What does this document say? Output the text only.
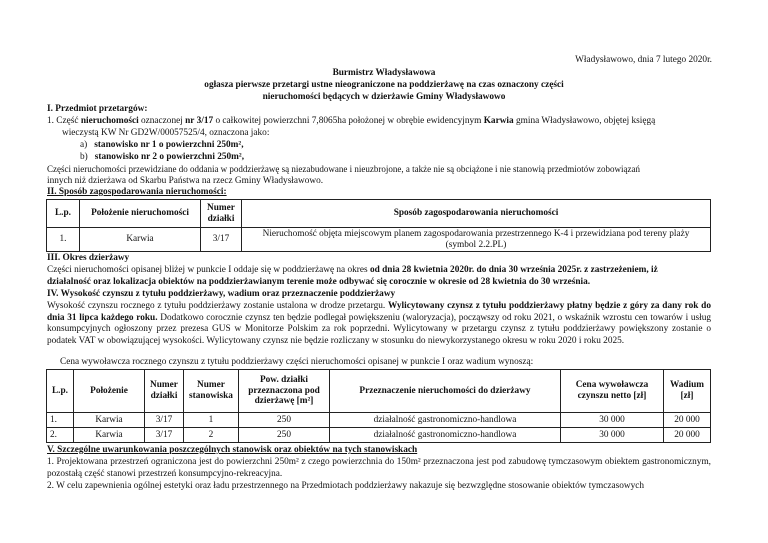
Władysławowo, dnia 7 lutego 2020r.
Burmistrz Władysławowa
ogłasza pierwsze przetargi ustne nieograniczone na poddzierżawę na czas oznaczony części
nieruchomości będących w dzierżawie Gminy Władysławowo
I. Przedmiot przetargów:
1. Część nieruchomości oznaczonej nr 3/17 o całkowitej powierzchni 7,8065ha położonej w obrębie ewidencyjnym Karwia gmina Władysławowo, objętej księgą
wieczystą KW Nr GD2W/00057525/4, oznaczona jako:
a) stanowisko nr 1 o powierzchni 250m²,
b) stanowisko nr 2 o powierzchni 250m²,
Części nieruchomości przewidziane do oddania w poddzierżawę są niezabudowane i nieuzbrojone, a także nie są obciążone i nie stanowią przedmiotów zobowiązań
innych niż dzierżawa od Skarbu Państwa na rzecz Gminy Władysławowo.
II. Sposób zagospodarowania nieruchomości:
L.p.	Położenie nieruchomości	Numer działki	Sposób zagospodarowania nieruchomości
1.	Karwia	3/17	Nieruchomość objęta miejscowym planem zagospodarowania przestrzennego K-4 i przewidziana pod tereny plaży
(symbol 2.2.PL)
III. Okres dzierżawy
Części nieruchomości opisanej bliżej w punkcie I oddaje się w poddzierżawę na okres od dnia 28 kwietnia 2020r. do dnia 30 września 2025r. z zastrzeżeniem, iż
działalność oraz lokalizacja obiektów na poddzierżawianym terenie może odbywać się corocznie w okresie od 28 kwietnia do 30 września.
IV. Wysokość czynszu z tytułu poddzierżawy, wadium oraz przeznaczenie poddzierżawy
Wysokość czynszu rocznego z tytułu poddzierżawy zostanie ustalona w drodze przetargu. Wylicytowany czynsz z tytułu poddzierżawy płatny będzie z góry za dany rok do dnia 31 lipca każdego roku. Dodatkowo corocznie czynsz ten będzie podlegał powiększeniu (waloryzacja), począwszy od roku 2021, o wskaźnik wzrostu cen towarów i usług konsumpcyjnych ogłoszony przez prezesa GUS w Monitorze Polskim za rok poprzedni. Wylicytowany w przetargu czynsz z tytułu poddzierżawy powiększony zostanie o podatek VAT w obowiązującej wysokości. Wylicytowany czynsz nie będzie rozliczany w stosunku do niewykorzystanego okresu w roku 2020 i roku 2025.
Cena wywoławcza rocznego czynszu z tytułu poddzierżawy części nieruchomości opisanej w punkcie I oraz wadium wynoszą:
L.p.	Położenie	Numer działki	Numer stanowiska	Pow. działki przeznaczona pod dzierżawę [m²]	Przeznaczenie nieruchomości do dzierżawy	Cena wywoławcza czynszu netto [zł]	Wadium [zł]
1.	Karwia	3/17	1	250	działalność gastronomiczno-handlowa	30 000	20 000
2.	Karwia	3/17	2	250	działalność gastronomiczno-handlowa	30 000	20 000
V. Szczególne uwarunkowania poszczególnych stanowisk oraz obiektów na tych stanowiskach
1. Projektowana przestrzeń ograniczona jest do powierzchni 250m² z czego powierzchnia do 150m² przeznaczona jest pod zabudowę tymczasowym obiektem gastronomicznym, pozostałą część stanowi przestrzeń konsumpcyjno-rekreacyjna.
2. W celu zapewnienia ogólnej estetyki oraz ładu przestrzennego na Przedmiotach poddzierżawy nakazuje się bezwzględne stosowanie obiektów tymczasowych
